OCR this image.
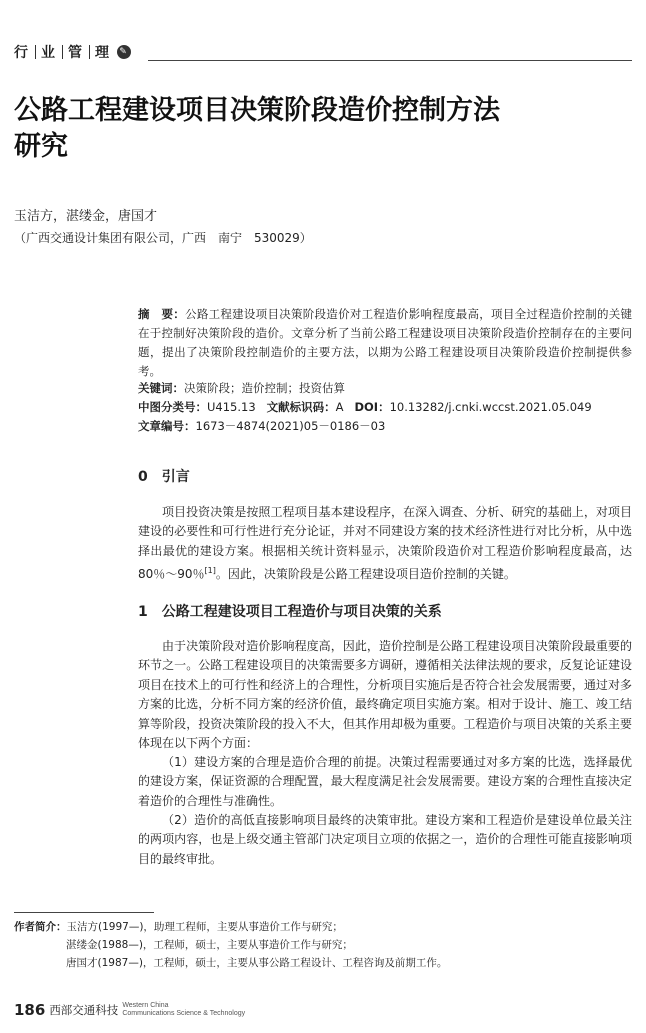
行 业 管 理 ✎
公路工程建设项目决策阶段造价控制方法
研究
玉洁方，湛缕金，唐国才
（广西交通设计集团有限公司，广西　南宁　530029）
摘　要：公路工程建设项目决策阶段造价对工程造价影响程度最高，项目全过程造价控制的关键在于控制好决策阶段的造价。文章分析了当前公路工程建设项目决策阶段造价控制存在的主要问题，提出了决策阶段控制造价的主要方法，以期为公路工程建设项目决策阶段造价控制提供参考。
关键词：决策阶段；造价控制；投资估算
中图分类号：U415.13 文献标识码：A DOI：10.13282/j.cnki.wccst.2021.05.049
文章编号：1673－4874(2021)05－0186－03
0　引言
项目投资决策是按照工程项目基本建设程序，在深入调查、分析、研究的基础上，对项目建设的必要性和可行性进行充分论证，并对不同建设方案的技术经济性进行对比分析，从中选择出最优的建设方案。根据相关统计资料显示，决策阶段造价对工程造价影响程度最高，达 80％～90％[1]。因此，决策阶段是公路工程建设项目造价控制的关键。
1　公路工程建设项目工程造价与项目决策的关系
由于决策阶段对造价影响程度高，因此，造价控制是公路工程建设项目决策阶段最重要的环节之一。公路工程建设项目的决策需要多方调研，遵循相关法律法规的要求，反复论证建设项目在技术上的可行性和经济上的合理性，分析项目实施后是否符合社会发展需要，通过对多方案的比选，分析不同方案的经济价值，最终确定项目实施方案。相对于设计、施工、竣工结算等阶段，投资决策阶段的投入不大，但其作用却极为重要。工程造价与项目决策的关系主要体现在以下两个方面：
（1）建设方案的合理是造价合理的前提。决策过程需要通过对多方案的比选，选择最优的建设方案，保证资源的合理配置，最大程度满足社会发展需要。建设方案的合理性直接决定着造价的合理性与准确性。
（2）造价的高低直接影响项目最终的决策审批。建设方案和工程造价是建设单位最关注的两项内容，也是上级交通主管部门决定项目立项的依据之一，造价的合理性可能直接影响项目的最终审批。
作者简介：玉洁方(1997—)，助理工程师，主要从事造价工作与研究；
湛缕金(1988—)，工程师，硕士，主要从事造价工作与研究；
唐国才(1987—)，工程师，硕士，主要从事公路工程设计、工程咨询及前期工作。
186 西部交通科技 Western China
Communications Science & Technology
